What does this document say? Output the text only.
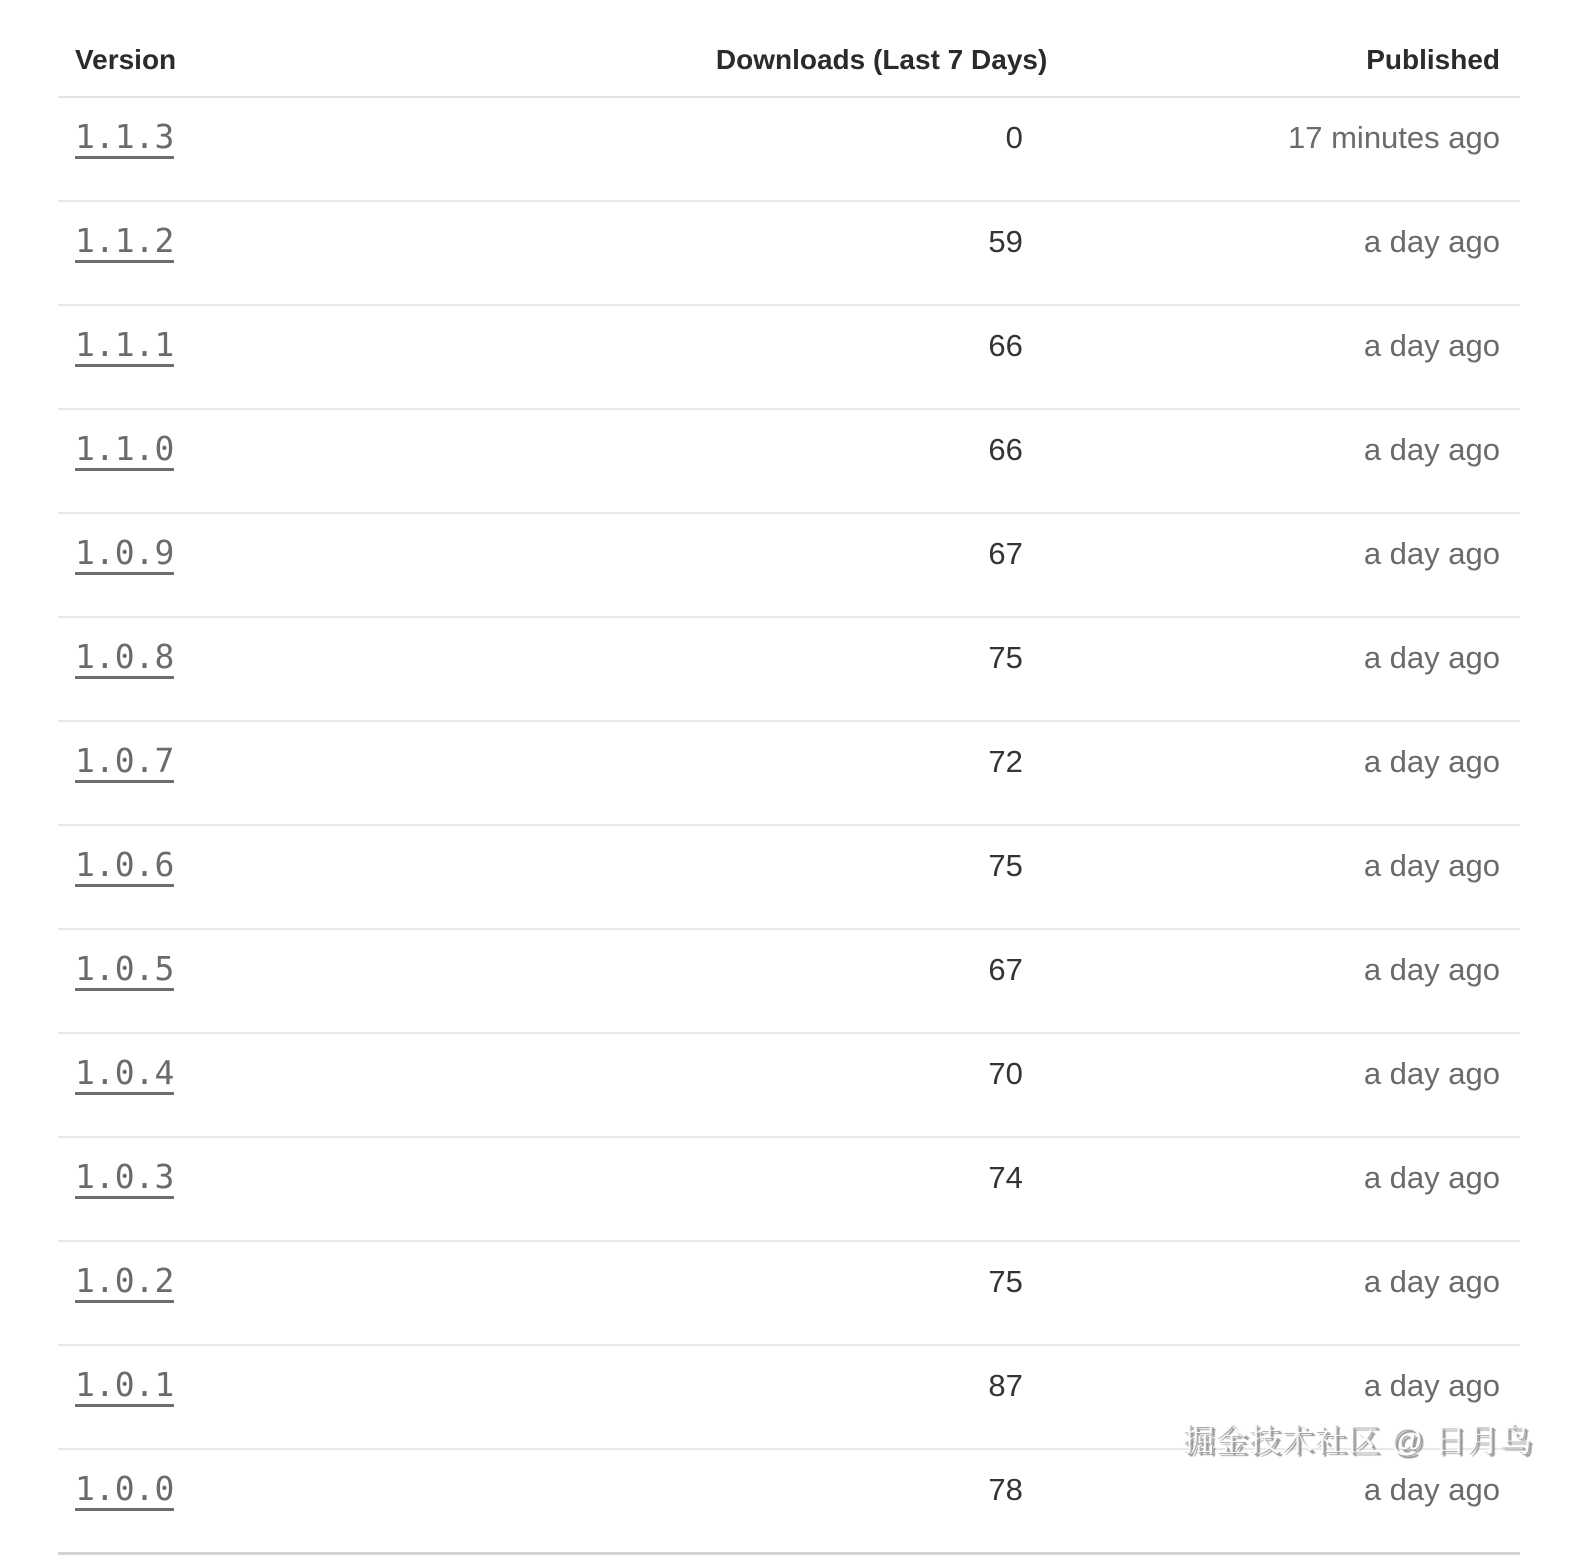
Version	Downloads (Last 7 Days)	Published
1.1.3	0	17 minutes ago
1.1.2	59	a day ago
1.1.1	66	a day ago
1.1.0	66	a day ago
1.0.9	67	a day ago
1.0.8	75	a day ago
1.0.7	72	a day ago
1.0.6	75	a day ago
1.0.5	67	a day ago
1.0.4	70	a day ago
1.0.3	74	a day ago
1.0.2	75	a day ago
1.0.1	87	a day ago
1.0.0	78	a day ago
掘金技术社区 @ 日月鸟
